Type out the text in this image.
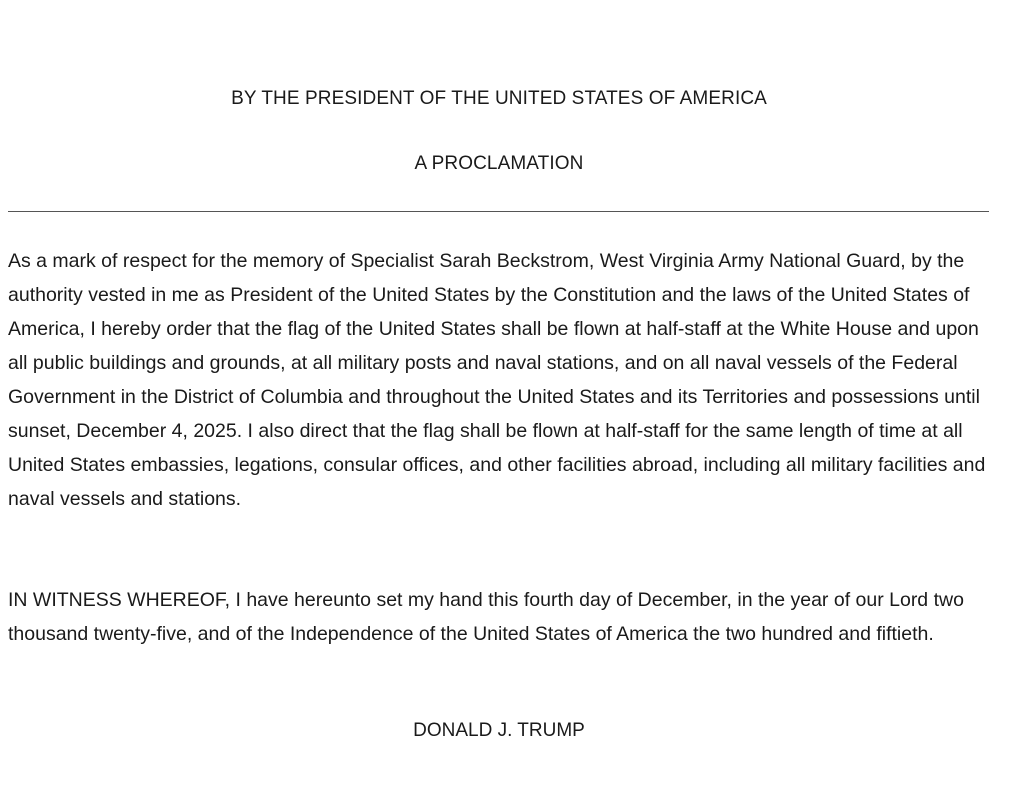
BY THE PRESIDENT OF THE UNITED STATES OF AMERICA
A PROCLAMATION

As a mark of respect for the memory of Specialist Sarah Beckstrom, West Virginia Army National Guard, by the authority vested in me as President of the United States by the Constitution and the laws of the United States of America, I hereby order that the flag of the United States shall be flown at half-staff at the White House and upon all public buildings and grounds, at all military posts and naval stations, and on all naval vessels of the Federal Government in the District of Columbia and throughout the United States and its Territories and possessions until sunset, December 4, 2025. I also direct that the flag shall be flown at half-staff for the same length of time at all United States embassies, legations, consular offices, and other facilities abroad, including all military facilities and naval vessels and stations.

IN WITNESS WHEREOF, I have hereunto set my hand this fourth day of December, in the year of our Lord two thousand twenty-five, and of the Independence of the United States of America the two hundred and fiftieth.

DONALD J. TRUMP
